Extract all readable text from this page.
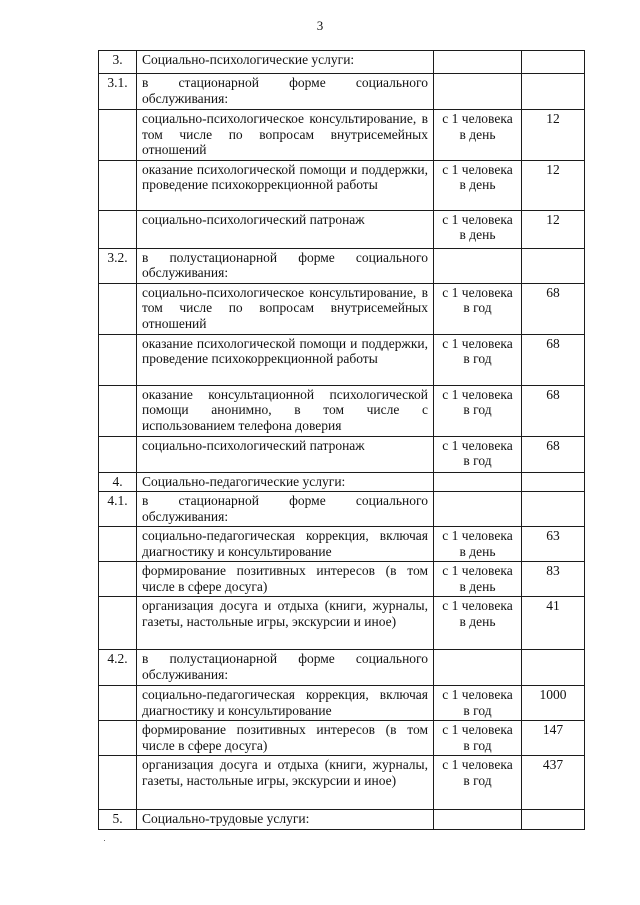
3
3.	Социально-психологические услуги:		
3.1.	в стационарной форме социального обслуживания:		
	социально-психологическое консультирование, в том числе по вопросам внутрисемейных отношений	с 1 человека в день	12
	оказание психологической помощи и поддержки, проведение психокоррекционной работы	с 1 человека в день	12
	социально-психологический патронаж	с 1 человека в день	12
3.2.	в полустационарной форме социального обслуживания:		
	социально-психологическое консультирование, в том числе по вопросам внутрисемейных отношений	с 1 человека в год	68
	оказание психологической помощи и поддержки, проведение психокоррекционной работы	с 1 человека в год	68
	оказание консультационной психологической помощи анонимно, в том числе с использованием телефона доверия	с 1 человека в год	68
	социально-психологический патронаж	с 1 человека в год	68
4.	Социально-педагогические услуги:		
4.1.	в стационарной форме социального обслуживания:		
	социально-педагогическая коррекция, включая диагностику и консультирование	с 1 человека в день	63
	формирование позитивных интересов (в том числе в сфере досуга)	с 1 человека в день	83
	организация досуга и отдыха (книги, журналы, газеты, настольные игры, экскурсии и иное)	с 1 человека в день	41
4.2.	в полустационарной форме социального обслуживания:		
	социально-педагогическая коррекция, включая диагностику и консультирование	с 1 человека в год	1000
	формирование позитивных интересов (в том числе в сфере досуга)	с 1 человека в год	147
	организация досуга и отдыха (книги, журналы, газеты, настольные игры, экскурсии и иное)	с 1 человека в год	437
5.	Социально-трудовые услуги:		
